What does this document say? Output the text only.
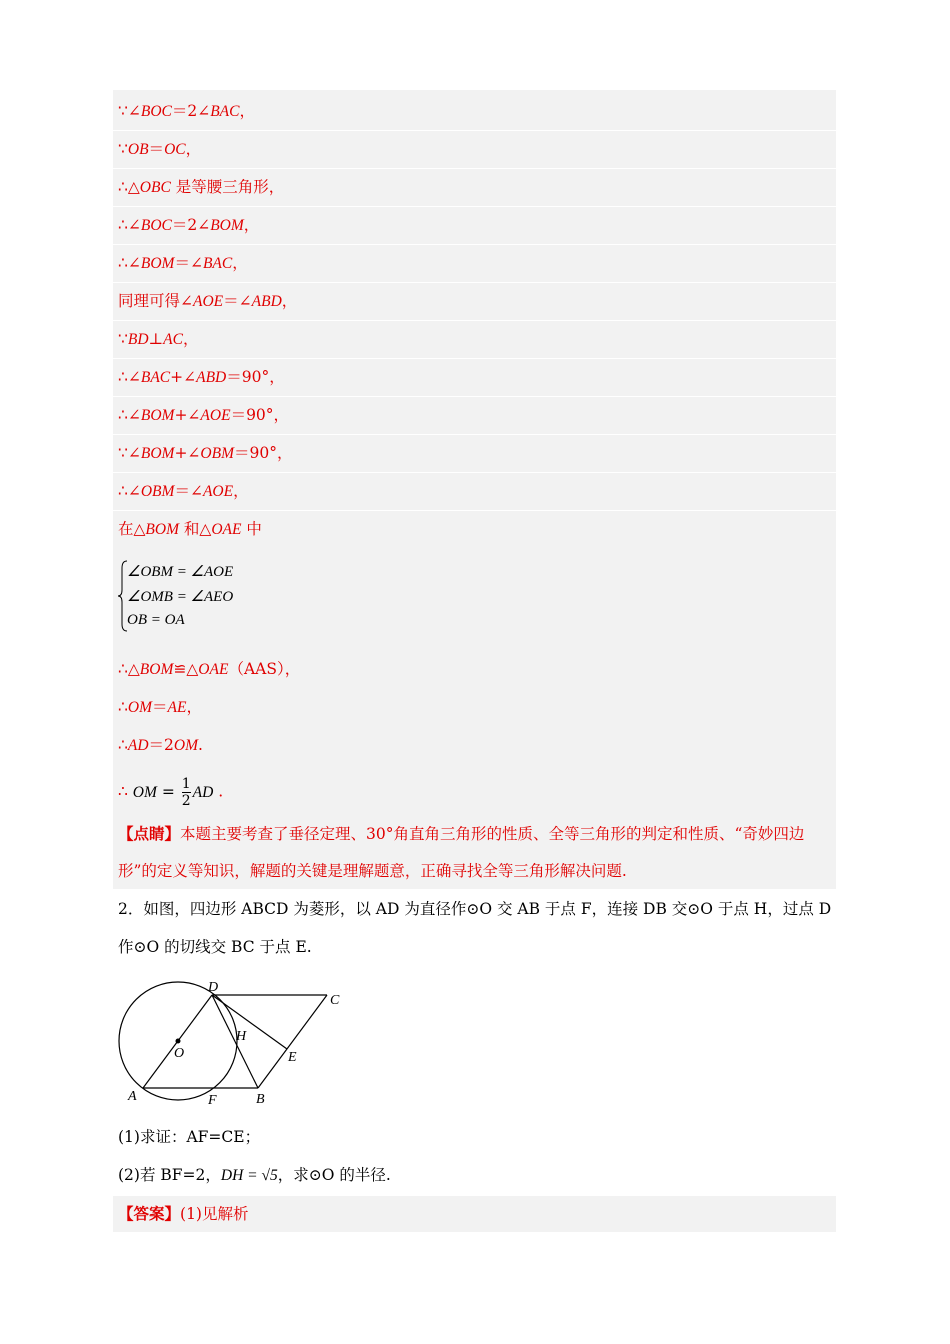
∵∠BOC＝2∠BAC，
∵OB＝OC，
∴△OBC 是等腰三角形，
∴∠BOC＝2∠BOM，
∴∠BOM＝∠BAC，
同理可得∠AOE＝∠ABD，
∵BD⊥AC，
∴∠BAC+∠ABD＝90°，
∴∠BOM+∠AOE＝90°，
∵∠BOM+∠OBM＝90°，
∴∠OBM＝∠AOE，
在△BOM 和△OAE 中
∠OBM = ∠AOE
∠OMB = ∠AEO
OB = OA
∴△BOM≌△OAE（AAS），
∴OM＝AE，
∴AD＝2OM.
∴ OM = $\frac{1}{2}$ AD .
【点睛】本题主要考查了垂径定理、30°角直角三角形的性质、全等三角形的判定和性质、“奇妙四边形”的定义等知识，解题的关键是理解题意，正确寻找全等三角形解决问题.
2．如图，四边形 ABCD 为菱形，以 AD 为直径作⊙O 交 AB 于点 F，连接 DB 交⊙O 于点 H，过点 D
作⊙O 的切线交 BC 于点 E.
D
C
O
H
E
A	F	B
(1)求证：AF=CE；
(2)若 BF=2，DH = √5，求⊙O 的半径.
【答案】(1)见解析
